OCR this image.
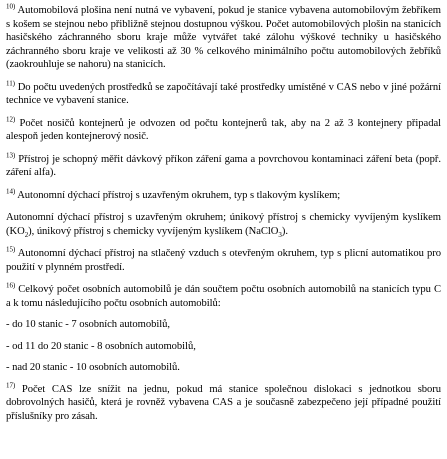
$^{10)}$ Automobilová plošina není nutná ve vybavení, pokud je stanice vybavena automobilovým žebříkem s košem se stejnou nebo přibližně stejnou dostupnou výškou. Počet automobilových plošin na stanicích hasičského záchranného sboru kraje může vytvářet také zálohu výškové techniky u hasičského záchranného sboru kraje ve velikosti až 30 % celkového minimálního počtu automobilových žebříků (zaokrouhluje se nahoru) na stanicích.

$^{11)}$ Do počtu uvedených prostředků se započítávají také prostředky umístěné v CAS nebo v jiné požární technice ve vybavení stanice.

$^{12)}$ Počet nosičů kontejnerů je odvozen od počtu kontejnerů tak, aby na 2 až 3 kontejnery připadal alespoň jeden kontejnerový nosič.

$^{13)}$ Přístroj je schopný měřit dávkový příkon záření gama a povrchovou kontaminaci záření beta (popř. záření alfa).

$^{14)}$ Autonomní dýchací přístroj s uzavřeným okruhem, typ s tlakovým kyslíkem;

Autonomní dýchací přístroj s uzavřeným okruhem; únikový přístroj s chemicky vyvíjeným kyslíkem $(KO_2)$, únikový přístroj s chemicky vyvíjeným kyslíkem (NaClO$_3$).

$^{15)}$ Autonomní dýchací přístroj na stlačený vzduch s otevřeným okruhem, typ s plicní automatikou pro použití v plynném prostředí.

$^{16)}$ Celkový počet osobních automobilů je dán součtem počtu osobních automobilů na stanicích typu C a k tomu následujícího počtu osobních automobilů:

- do 10 stanic - 7 osobních automobilů,

- od 11 do 20 stanic - 8 osobních automobilů,

- nad 20 stanic - 10 osobních automobilů.

$^{17)}$ Počet CAS lze snížit na jednu, pokud má stanice společnou dislokaci s jednotkou sboru dobrovolných hasičů, která je rovněž vybavena CAS a je současně zabezpečeno její případné použití příslušníky pro zásah.
